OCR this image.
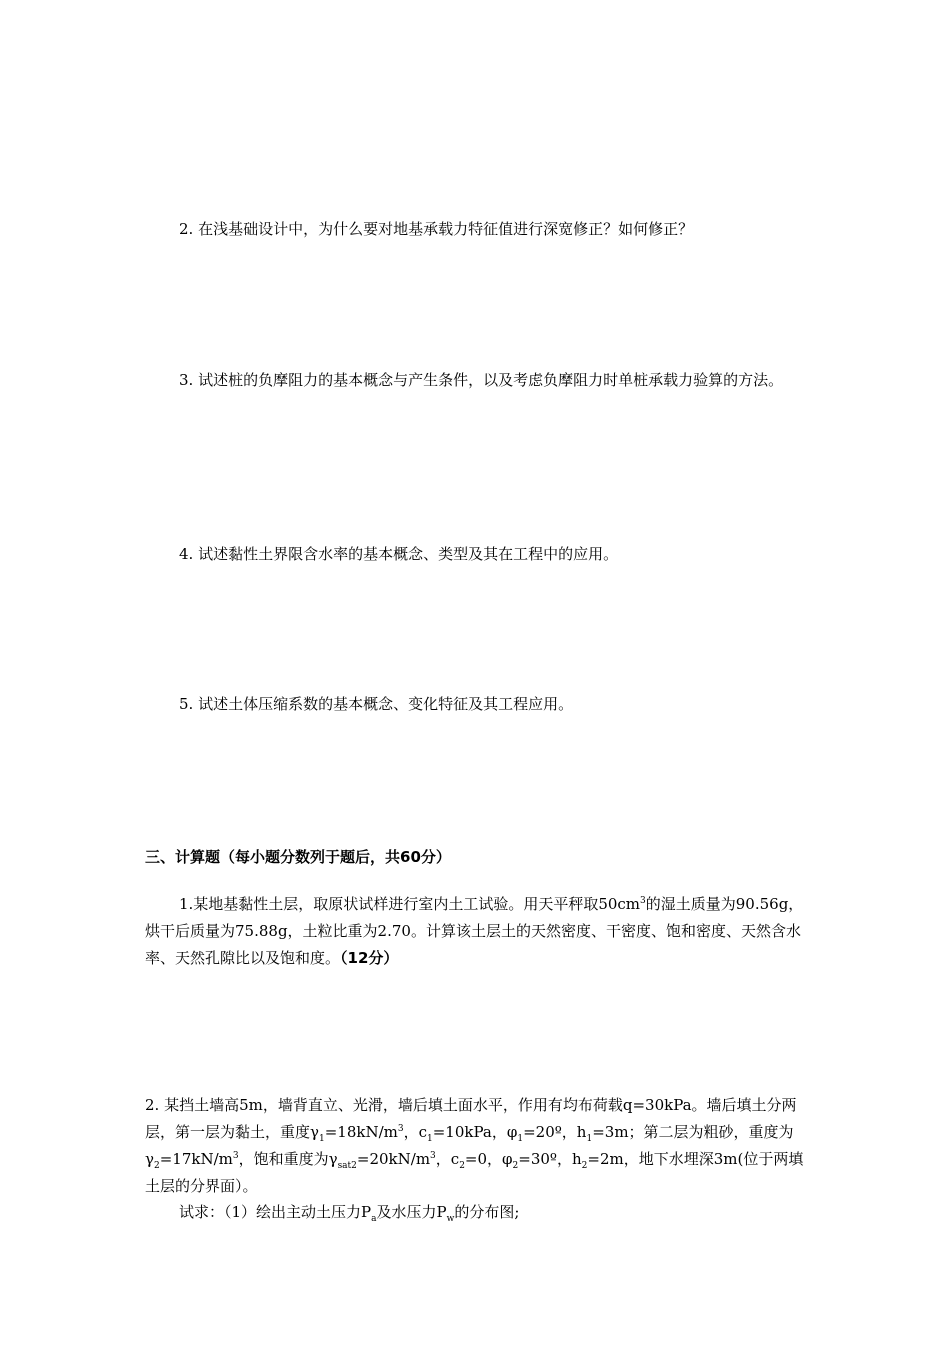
2. 在浅基础设计中，为什么要对地基承载力特征值进行深宽修正？如何修正？

3. 试述桩的负摩阻力的基本概念与产生条件，以及考虑负摩阻力时单桩承载力验算的方法。

4. 试述黏性土界限含水率的基本概念、类型及其在工程中的应用。

5. 试述土体压缩系数的基本概念、变化特征及其工程应用。

三、计算题（每小题分数列于题后，共60分）

1.某地基黏性土层，取原状试样进行室内土工试验。用天平秤取$50cm^3$的湿土质量为90.56g，烘干后质量为75.88g，土粒比重为2.70。计算该土层土的天然密度、干密度、饱和密度、天然含水率、天然孔隙比以及饱和度。（12分）

2. 某挡土墙高5m，墙背直立、光滑，墙后填土面水平，作用有均布荷载q=30kPa。墙后填土分两层，第一层为黏土，重度$\gamma_1=18kN/m^3$，$c_1=10kPa$，$\varphi_1=20º$，$h_1=3m$；第二层为粗砂，重度为$\gamma_2=17kN/m^3$，饱和重度为$\gamma_{sat2}=20kN/m^3$，$c_2=0$，$\varphi_2=30º$，$h_2=2m$，地下水埋深3m(位于两填土层的分界面）。

试求：（1）绘出主动土压力$P_a$及水压力$P_w$的分布图;
